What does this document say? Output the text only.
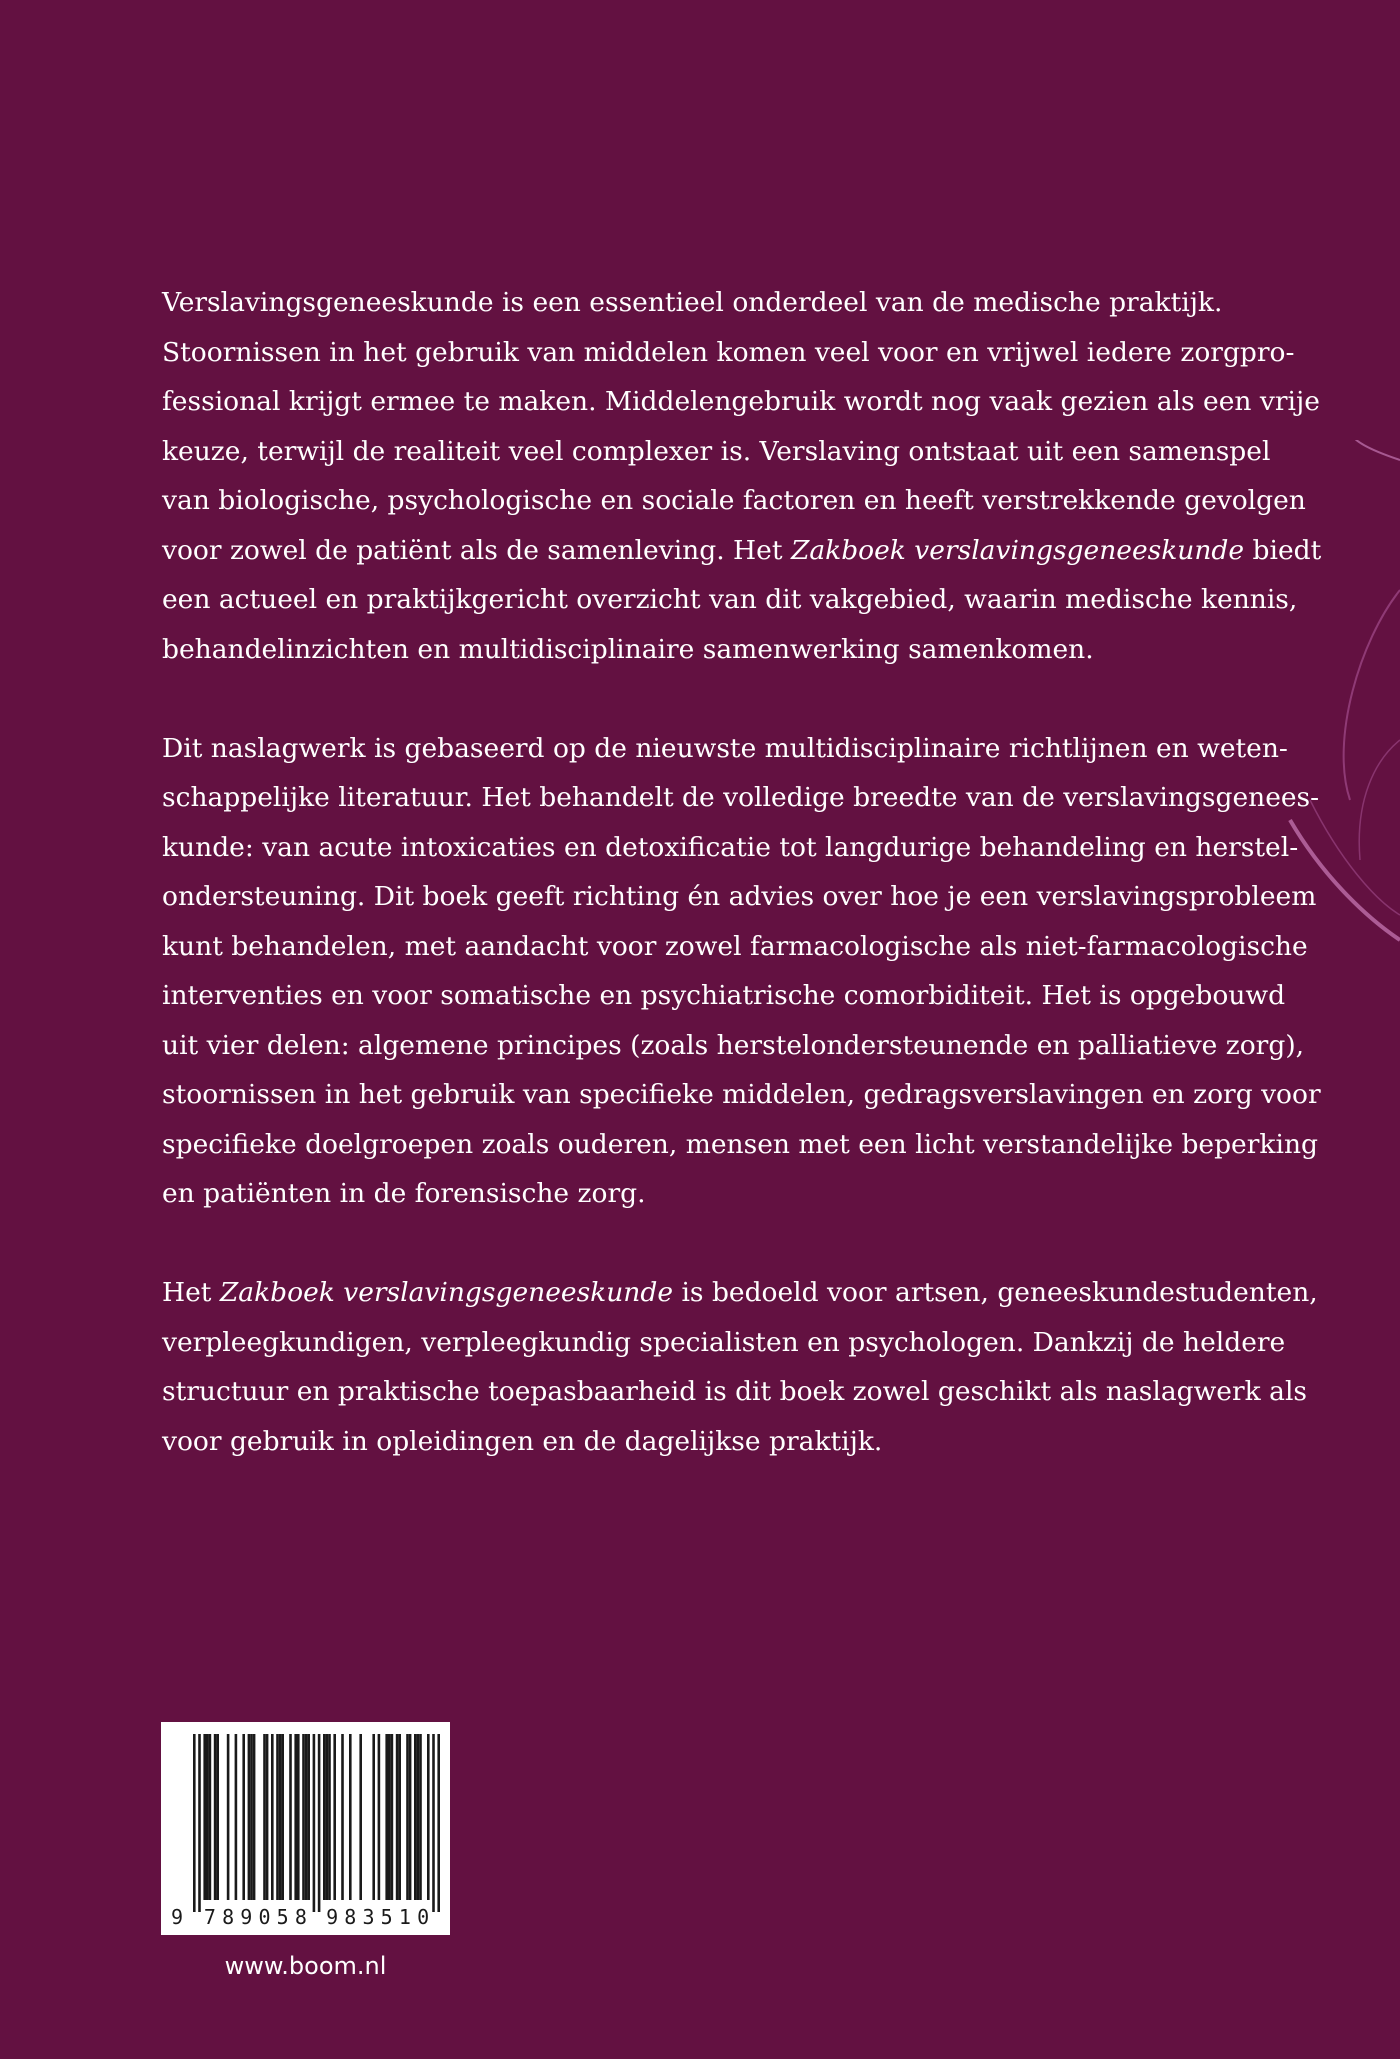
Verslavingsgeneeskunde is een essentieel onderdeel van de medische praktijk.
Stoornissen in het gebruik van middelen komen veel voor en vrijwel iedere zorgpro-
fessional krijgt ermee te maken. Middelengebruik wordt nog vaak gezien als een vrije
keuze, terwijl de realiteit veel complexer is. Verslaving ontstaat uit een samenspel
van biologische, psychologische en sociale factoren en heeft verstrekkende gevolgen
voor zowel de patiënt als de samenleving. Het Zakboek verslavingsgeneeskunde biedt
een actueel en praktijkgericht overzicht van dit vakgebied, waarin medische kennis,
behandelinzichten en multidisciplinaire samenwerking samenkomen.

Dit naslagwerk is gebaseerd op de nieuwste multidisciplinaire richtlijnen en weten-
schappelijke literatuur. Het behandelt de volledige breedte van de verslavingsgenees-
kunde: van acute intoxicaties en detoxificatie tot langdurige behandeling en herstel-
ondersteuning. Dit boek geeft richting én advies over hoe je een verslavingsprobleem
kunt behandelen, met aandacht voor zowel farmacologische als niet-farmacologische
interventies en voor somatische en psychiatrische comorbiditeit. Het is opgebouwd
uit vier delen: algemene principes (zoals herstelondersteunende en palliatieve zorg),
stoornissen in het gebruik van specifieke middelen, gedragsverslavingen en zorg voor
specifieke doelgroepen zoals ouderen, mensen met een licht verstandelijke beperking
en patiënten in de forensische zorg.

Het Zakboek verslavingsgeneeskunde is bedoeld voor artsen, geneeskundestudenten,
verpleegkundigen, verpleegkundig specialisten en psychologen. Dankzij de heldere
structuur en praktische toepasbaarheid is dit boek zowel geschikt als naslagwerk als
voor gebruik in opleidingen en de dagelijkse praktijk.

9 7 8 9 0 5 8 9 8 3 5 1 0
www.boom.nl
